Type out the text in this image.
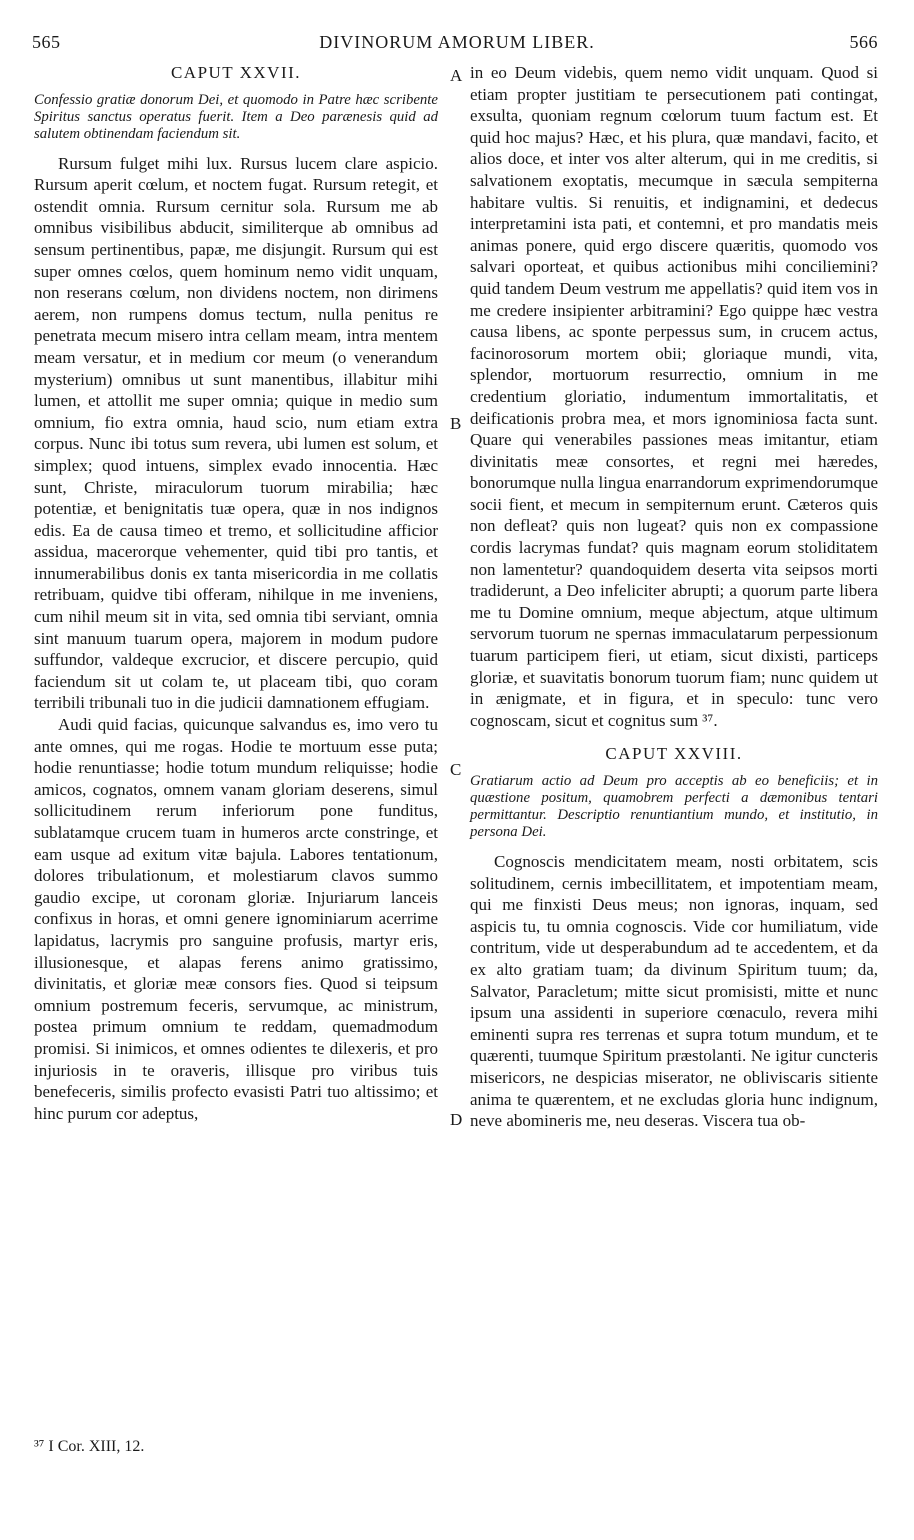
565	DIVINORUM AMORUM LIBER.	566
CAPUT XXVII.
Confessio gratiæ donorum Dei, et quomodo in Patre hæc scribente Spiritus sanctus operatus fuerit. Item a Deo parænesis quid ad salutem obtinendam faciendum sit.

Rursum fulget mihi lux. Rursus lucem clare aspicio. Rursum aperit cœlum, et noctem fugat. Rursum retegit, et ostendit omnia. Rursum cernitur sola. Rursum me ab omnibus visibilibus abducit, similiterque ab omnibus ad sensum pertinentibus, papæ, me disjungit. Rursum qui est super omnes cœlos, quem hominum nemo vidit unquam, non reserans cœlum, non dividens noctem, non dirimens aerem, non rumpens domus tectum, nulla penitus re penetrata mecum misero intra cellam meam, intra mentem meam versatur, et in medium cor meum (o venerandum mysterium) omnibus ut sunt manentibus, illabitur mihi lumen, et attollit me super omnia; quique in medio sum omnium, fio extra omnia, haud scio, num etiam extra corpus. Nunc ibi totus sum revera, ubi lumen est solum, et simplex; quod intuens, simplex evado innocentia. Hæc sunt, Christe, miraculorum tuorum mirabilia; hæc potentiæ, et benignitatis tuæ opera, quæ in nos indignos edis. Ea de causa timeo et tremo, et sollicitudine afficior assidua, macerorque vehementer, quid tibi pro tantis, et innumerabilibus donis ex tanta misericordia in me collatis retribuam, quidve tibi offeram, nihilque in me inveniens, cum nihil meum sit in vita, sed omnia tibi serviant, omnia sint manuum tuarum opera, majorem in modum pudore suffundor, valdeque excrucior, et discere percupio, quid faciendum sit ut colam te, ut placeam tibi, quo coram terribili tribunali tuo in die judicii damnationem effugiam.

Audi quid facias, quicunque salvandus es, imo vero tu ante omnes, qui me rogas. Hodie te mortuum esse puta; hodie renuntiasse; hodie totum mundum reliquisse; hodie amicos, cognatos, omnem vanam gloriam deserens, simul sollicitudinem rerum inferiorum pone funditus, sublatamque crucem tuam in humeros arcte constringe, et eam usque ad exitum vitæ bajula. Labores tentationum, dolores tribulationum, et molestiarum clavos summo gaudio excipe, ut coronam gloriæ. Injuriarum lanceis confixus in horas, et omni genere ignominiarum acerrime lapidatus, lacrymis pro sanguine profusis, martyr eris, illusionesque, et alapas ferens animo gratissimo, divinitatis, et gloriæ meæ consors fies. Quod si teipsum omnium postremum feceris, servumque, ac ministrum, postea primum omnium te reddam, quemadmodum promisi. Si inimicos, et omnes odientes te dilexeris, et pro injuriosis in te oraveris, illisque pro viribus tuis benefeceris, similis profecto evasisti Patri tuo altissimo; et hinc purum cor adeptus,

A
B
C
D

in eo Deum videbis, quem nemo vidit unquam. Quod si etiam propter justitiam te persecutionem pati contingat, exsulta, quoniam regnum cœlorum tuum factum est. Et quid hoc majus? Hæc, et his plura, quæ mandavi, facito, et alios doce, et inter vos alter alterum, qui in me creditis, si salvationem exoptatis, mecumque in sæcula sempiterna habitare vultis. Si renuitis, et indignamini, et dedecus interpretamini ista pati, et contemni, et pro mandatis meis animas ponere, quid ergo discere quæritis, quomodo vos salvari oporteat, et quibus actionibus mihi conciliemini? quid tandem Deum vestrum me appellatis? quid item vos in me credere insipienter arbitramini? Ego quippe hæc vestra causa libens, ac sponte perpessus sum, in crucem actus, facinorosorum mortem obii; gloriaque mundi, vita, splendor, mortuorum resurrectio, omnium in me credentium gloriatio, indumentum immortalitatis, et deificationis probra mea, et mors ignominiosa facta sunt. Quare qui venerabiles passiones meas imitantur, etiam divinitatis meæ consortes, et regni mei hæredes, bonorumque nulla lingua enarrandorum exprimendorumque socii fient, et mecum in sempiternum erunt. Cæteros quis non defleat? quis non lugeat? quis non ex compassione cordis lacrymas fundat? quis magnam eorum stoliditatem non lamentetur? quandoquidem deserta vita seipsos morti tradiderunt, a Deo infeliciter abrupti; a quorum parte libera me tu Domine omnium, meque abjectum, atque ultimum servorum tuorum ne spernas immaculatarum perpessionum tuarum participem fieri, ut etiam, sicut dixisti, particeps gloriæ, et suavitatis bonorum tuorum fiam; nunc quidem ut in ænigmate, et in figura, et in speculo: tunc vero cognoscam, sicut et cognitus sum ³⁷.

CAPUT XXVIII.
Gratiarum actio ad Deum pro acceptis ab eo beneficiis; et in quæstione positum, quamobrem perfecti a dæmonibus tentari permittantur. Descriptio renuntiantium mundo, et institutio, in persona Dei.

Cognoscis mendicitatem meam, nosti orbitatem, scis solitudinem, cernis imbecillitatem, et impotentiam meam, qui me finxisti Deus meus; non ignoras, inquam, sed aspicis tu, tu omnia cognoscis. Vide cor humiliatum, vide contritum, vide ut desperabundum ad te accedentem, et da ex alto gratiam tuam; da divinum Spiritum tuum; da, Salvator, Paracletum; mitte sicut promisisti, mitte et nunc ipsum una assidenti in superiore cœnaculo, revera mihi eminenti supra res terrenas et supra totum mundum, et te quærenti, tuumque Spiritum præstolanti. Ne igitur cuncteris misericors, ne despicias miserator, ne obliviscaris sitiente anima te quærentem, et ne excludas gloria hunc indignum, neve abomineris me, neu deseras. Viscera tua ob-

³⁷ I Cor. XIII, 12.
